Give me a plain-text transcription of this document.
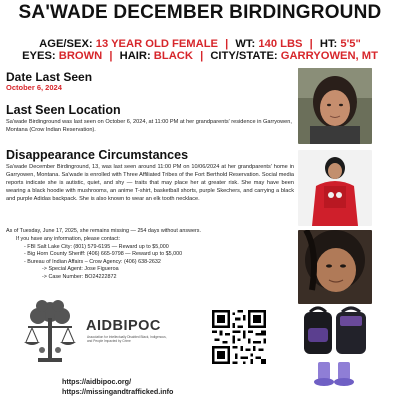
SA'WADE DECEMBER BIRDINGROUND
AGE/SEX: 13 YEAR OLD FEMALE | WT: 140 LBS | HT: 5'5"
EYES: BROWN | HAIR: BLACK | CITY/STATE: GARRYOWEN, MT
Date Last Seen
October 6, 2024
Last Seen Location
Sa'wade Birdinground was last seen on October 6, 2024, at 11:00 PM at her grandparents' residence in Garryowen, Montana (Crow Indian Reservation).
Disappearance Circumstances
Sa'wade December Birdinground, 13, was last seen around 11:00 PM on 10/06/2024 at her grandparents' home in Garryowen, Montana. Sa'wade is enrolled with Three Affiliated Tribes of the Fort Berthold Reservation. Social media reports indicate she is autistic, quiet, and shy — traits that may place her at greater risk. She may have been wearing a black hoodie with mushrooms, an anime T-shirt, basketball shorts, purple Skechers, and carrying a black and purple Adidas backpack. She is also known to wear an elk tooth necklace.
As of Tuesday, June 17, 2025, she remains missing — 254 days without answers.
If you have any information, please contact:
- FBI Salt Lake City: (801) 579-6195 — Reward up to $5,000
- Big Horn County Sheriff: (406) 665-9798 — Reward up to $5,000
- Bureau of Indian Affairs – Crow Agency: (406) 638-2632
-> Special Agent: Jose Figueroa
-> Case Number: BO24222872
AIDBIPOC
Association for Intellectually Disabled Black, Indigenous, and People Impacted by Crime
https://aidbipoc.org/
https://missingandtrafficked.info
